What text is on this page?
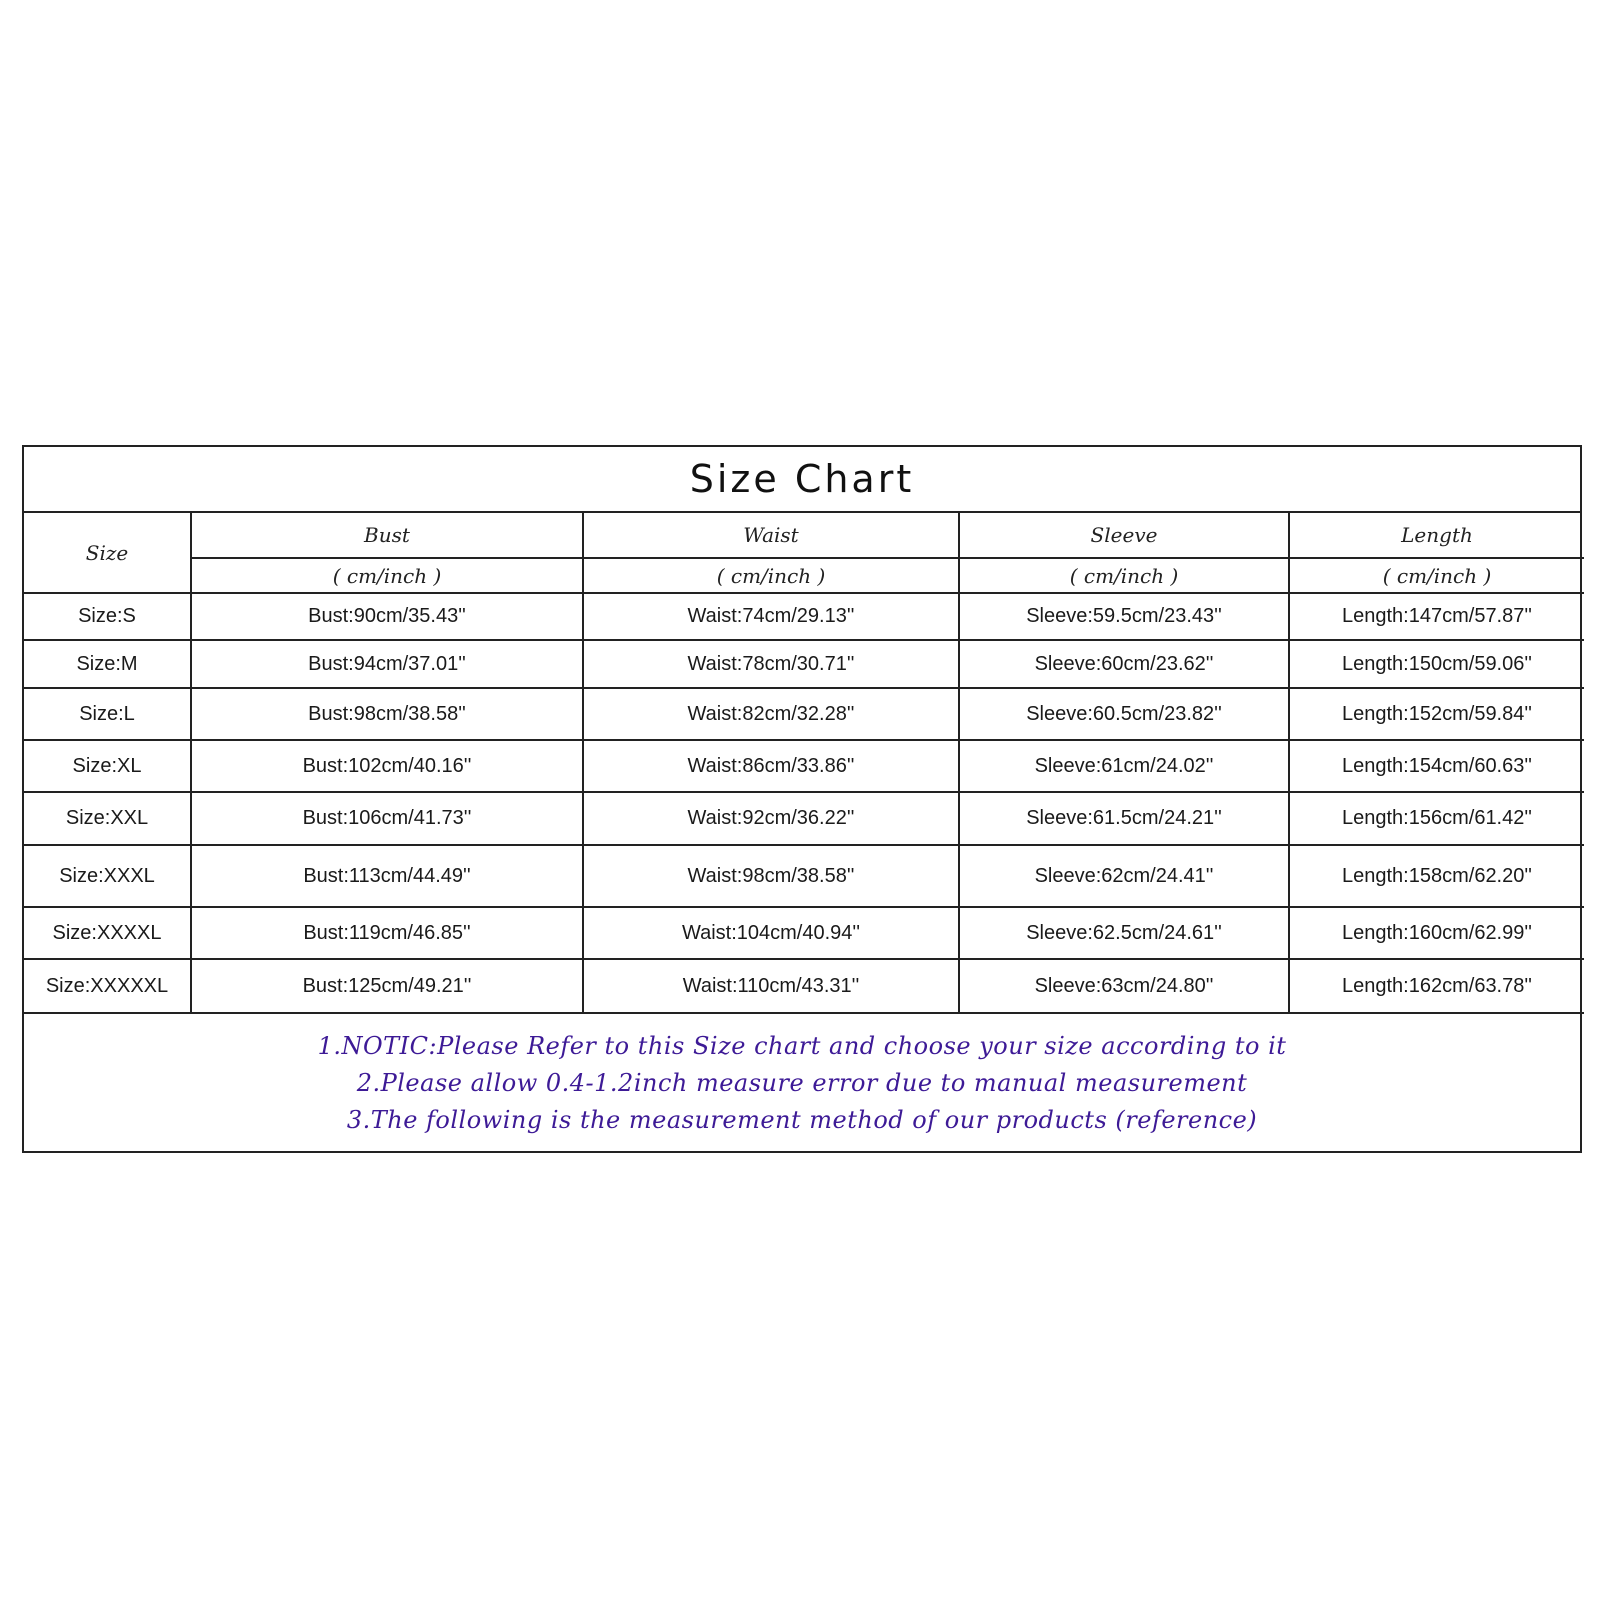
Size Chart
Size	Bust	Waist	Sleeve	Length
	( cm/inch )	( cm/inch )	( cm/inch )	( cm/inch )
Size:S	Bust:90cm/35.43''	Waist:74cm/29.13''	Sleeve:59.5cm/23.43''	Length:147cm/57.87''
Size:M	Bust:94cm/37.01''	Waist:78cm/30.71''	Sleeve:60cm/23.62''	Length:150cm/59.06''
Size:L	Bust:98cm/38.58''	Waist:82cm/32.28''	Sleeve:60.5cm/23.82''	Length:152cm/59.84''
Size:XL	Bust:102cm/40.16''	Waist:86cm/33.86''	Sleeve:61cm/24.02''	Length:154cm/60.63''
Size:XXL	Bust:106cm/41.73''	Waist:92cm/36.22''	Sleeve:61.5cm/24.21''	Length:156cm/61.42''
Size:XXXL	Bust:113cm/44.49''	Waist:98cm/38.58''	Sleeve:62cm/24.41''	Length:158cm/62.20''
Size:XXXXL	Bust:119cm/46.85''	Waist:104cm/40.94''	Sleeve:62.5cm/24.61''	Length:160cm/62.99''
Size:XXXXXL	Bust:125cm/49.21''	Waist:110cm/43.31''	Sleeve:63cm/24.80''	Length:162cm/63.78''
1.NOTIC:Please Refer to this Size chart and choose your size according to it
2.Please allow 0.4-1.2inch measure error due to manual measurement
3.The following is the measurement method of our products (reference)
